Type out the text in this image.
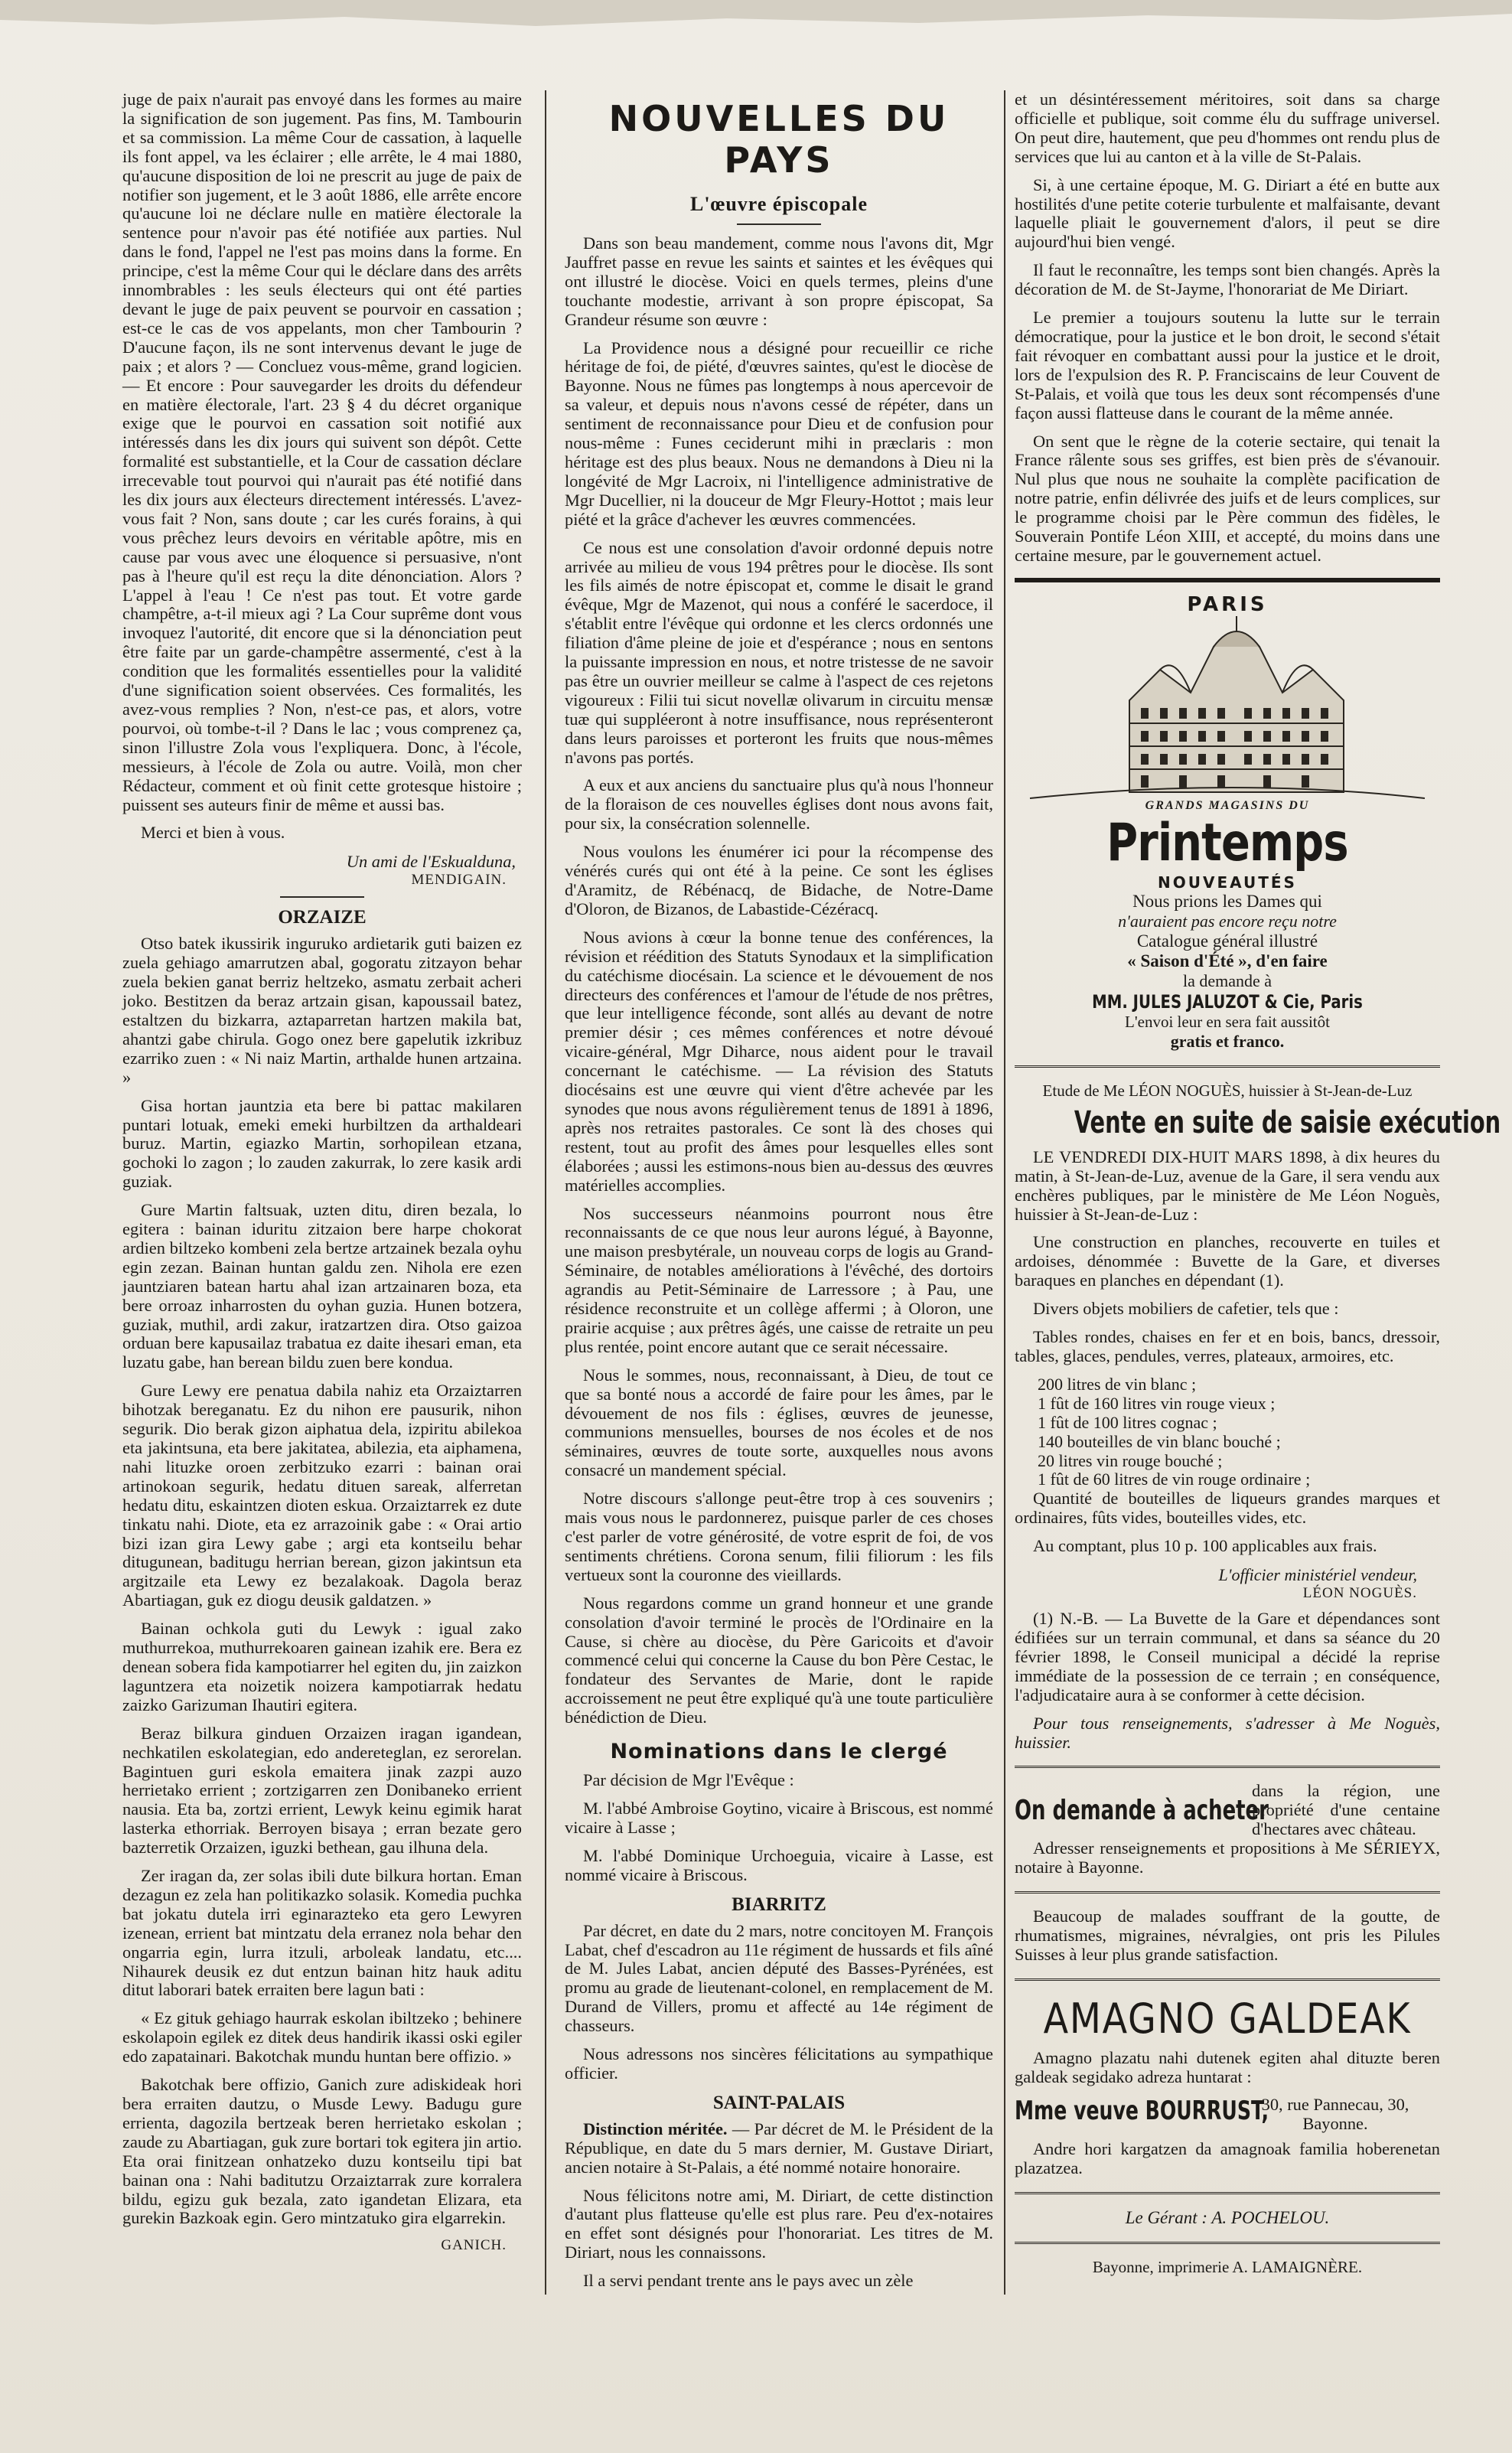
juge de paix n'aurait pas envoyé dans les formes au maire la signification de son jugement. Pas fins, M. Tambourin et sa commission. La même Cour de cassation, à laquelle ils font appel, va les éclairer ; elle arrête, le 4 mai 1880, qu'aucune disposition de loi ne prescrit au juge de paix de notifier son jugement, et le 3 août 1886, elle arrête encore qu'aucune loi ne déclare nulle en matière électorale la sentence pour n'avoir pas été notifiée aux parties. Nul dans le fond, l'appel ne l'est pas moins dans la forme. En principe, c'est la même Cour qui le déclare dans des arrêts innombrables : les seuls électeurs qui ont été parties devant le juge de paix peuvent se pourvoir en cassation ; est-ce le cas de vos appelants, mon cher Tambourin ? D'aucune façon, ils ne sont intervenus devant le juge de paix ; et alors ? — Concluez vous-même, grand logicien. — Et encore : Pour sauvegarder les droits du défendeur en matière électorale, l'art. 23 § 4 du décret organique exige que le pourvoi en cassation soit notifié aux intéressés dans les dix jours qui suivent son dépôt. Cette formalité est substantielle, et la Cour de cassation déclare irrecevable tout pourvoi qui n'aurait pas été notifié dans les dix jours aux électeurs directement intéressés. L'avez-vous fait ? Non, sans doute ; car les curés forains, à qui vous prêchez leurs devoirs en véritable apôtre, mis en cause par vous avec une éloquence si persuasive, n'ont pas à l'heure qu'il est reçu la dite dénonciation. Alors ? L'appel à l'eau ! Ce n'est pas tout. Et votre garde champêtre, a-t-il mieux agi ? La Cour suprême dont vous invoquez l'autorité, dit encore que si la dénonciation peut être faite par un garde-champêtre assermenté, c'est à la condition que les formalités essentielles pour la validité d'une signification soient observées. Ces formalités, les avez-vous remplies ? Non, n'est-ce pas, et alors, votre pourvoi, où tombe-t-il ? Dans le lac ; vous comprenez ça, sinon l'illustre Zola vous l'expliquera. Donc, à l'école, messieurs, à l'école de Zola ou autre. Voilà, mon cher Rédacteur, comment et où finit cette grotesque histoire ; puissent ses auteurs finir de même et aussi bas.

Merci et bien à vous.

Un ami de l'Eskualduna,
MENDIGAIN.
ORZAIZE

Otso batek ikussirik inguruko ardietarik guti baizen ez zuela gehiago amarrutzen abal, gogoratu zitzayon behar zuela bekien ganat berriz heltzeko, asmatu zerbait acheri joko. Bestitzen da beraz artzain gisan, kapoussail batez, estaltzen du bizkarra, aztaparretan hartzen makila bat, ahantzi gabe chirula. Gogo onez bere gapelutik izkribuz ezarriko zuen : « Ni naiz Martin, arthalde hunen artzaina. »

Gisa hortan jauntzia eta bere bi pattac makilaren puntari lotuak, emeki emeki hurbiltzen da arthaldeari buruz. Martin, egiazko Martin, sorhopilean etzana, gochoki lo zagon ; lo zauden zakurrak, lo zere kasik ardi guziak.

Gure Martin faltsuak, uzten ditu, diren bezala, lo egitera : bainan iduritu zitzaion bere harpe chokorat ardien biltzeko kombeni zela bertze artzainek bezala oyhu egin zezan. Bainan huntan galdu zen. Nihola ere ezen jauntziaren batean hartu ahal izan artzainaren boza, eta bere orroaz inharrosten du oyhan guzia. Hunen botzera, guziak, muthil, ardi zakur, iratzartzen dira. Otso gaizoa orduan bere kapusailaz trabatua ez daite ihesari eman, eta luzatu gabe, han berean bildu zuen bere kondua.

Gure Lewy ere penatua dabila nahiz eta Orzaiztarren bihotzak bereganatu. Ez du nihon ere pausurik, nihon segurik. Dio berak gizon aiphatua dela, izpiritu abilekoa eta jakintsuna, eta bere jakitatea, abilezia, eta aiphamena, nahi lituzke oroen zerbitzuko ezarri : bainan orai artinokoan segurik, hedatu dituen sareak, alferretan hedatu ditu, eskaintzen dioten eskua. Orzaiztarrek ez dute tinkatu nahi. Diote, eta ez arrazoinik gabe : « Orai artio bizi izan gira Lewy gabe ; argi eta kontseilu behar ditugunean, baditugu herrian berean, gizon jakintsun eta argitzaile eta Lewy ez bezalakoak. Dagola beraz Abartiagan, guk ez diogu deusik galdatzen. »

Bainan ochkola guti du Lewyk : igual zako muthurrekoa, muthurrekoaren gainean izahik ere. Bera ez denean sobera fida kampotiarrer hel egiten du, jin zaizkon laguntzera eta noizetik noizera kampotiarrak hedatu zaizko Garizuman Ihautiri egitera.

Beraz bilkura ginduen Orzaizen iragan igandean, nechkatilen eskolategian, edo andereteglan, ez serorelan. Bagintuen guri eskola emaitera jinak zazpi auzo herrietako errient ; zortzigarren zen Donibaneko errient nausia. Eta ba, zortzi errient, Lewyk keinu egimik harat lasterka ethorriak. Berroyen bisaya ; erran bezate gero bazterretik Orzaizen, iguzki bethean, gau ilhuna dela.

Zer iragan da, zer solas ibili dute bilkura hortan. Eman dezagun ez zela han politikazko solasik. Komedia puchka bat jokatu dutela irri eginarazteko eta gero Lewyren izenean, errient bat mintzatu dela erranez nola behar den ongarria egin, lurra itzuli, arboleak landatu, etc.... Nihaurek deusik ez dut entzun bainan hitz hauk aditu ditut laborari batek erraiten bere lagun bati :

« Ez gituk gehiago haurrak eskolan ibiltzeko ; behinere eskolapoin egilek ez ditek deus handirik ikassi oski egiler edo zapatainari. Bakotchak mundu huntan bere offizio. »

Bakotchak bere offizio, Ganich zure adiskideak hori bera erraiten dautzu, o Musde Lewy. Badugu gure errienta, dagozila bertzeak beren herrietako eskolan ; zaude zu Abartiagan, guk zure bortari tok egitera jin artio. Eta orai finitzean onhatzeko duzu kontseilu tipi bat bainan ona : Nahi baditutzu Orzaiztarrak zure korralera bildu, egizu guk bezala, zato igandetan Elizara, eta gurekin Bazkoak egin. Gero mintzatuko gira elgarrekin.

GANICH.
NOUVELLES DU PAYS
L'œuvre épiscopale

Dans son beau mandement, comme nous l'avons dit, Mgr Jauffret passe en revue les saints et saintes et les évêques qui ont illustré le diocèse. Voici en quels termes, pleins d'une touchante modestie, arrivant à son propre épiscopat, Sa Grandeur résume son œuvre :

La Providence nous a désigné pour recueillir ce riche héritage de foi, de piété, d'œuvres saintes, qu'est le diocèse de Bayonne. Nous ne fûmes pas longtemps à nous apercevoir de sa valeur, et depuis nous n'avons cessé de répéter, dans un sentiment de reconnaissance pour Dieu et de confusion pour nous-même : Funes ceciderunt mihi in præclaris : mon héritage est des plus beaux. Nous ne demandons à Dieu ni la longévité de Mgr Lacroix, ni l'intelligence administrative de Mgr Ducellier, ni la douceur de Mgr Fleury-Hottot ; mais leur piété et la grâce d'achever les œuvres commencées.

Ce nous est une consolation d'avoir ordonné depuis notre arrivée au milieu de vous 194 prêtres pour le diocèse. Ils sont les fils aimés de notre épiscopat et, comme le disait le grand évêque, Mgr de Mazenot, qui nous a conféré le sacerdoce, il s'établit entre l'évêque qui ordonne et les clercs ordonnés une filiation d'âme pleine de joie et d'espérance ; nous en sentons la puissante impression en nous, et notre tristesse de ne savoir pas être un ouvrier meilleur se calme à l'aspect de ces rejetons vigoureux : Filii tui sicut novellæ olivarum in circuitu mensæ tuæ qui suppléeront à notre insuffisance, nous représenteront dans leurs paroisses et porteront les fruits que nous-mêmes n'avons pas portés.

A eux et aux anciens du sanctuaire plus qu'à nous l'honneur de la floraison de ces nouvelles églises dont nous avons fait, pour six, la consécration solennelle.

Nous voulons les énumérer ici pour la récompense des vénérés curés qui ont été à la peine. Ce sont les églises d'Aramitz, de Rébénacq, de Bidache, de Notre-Dame d'Oloron, de Bizanos, de Labastide-Cézéracq.

Nous avions à cœur la bonne tenue des conférences, la révision et réédition des Statuts Synodaux et la simplification du catéchisme diocésain. La science et le dévouement de nos directeurs des conférences et l'amour de l'étude de nos prêtres, que leur intelligence féconde, sont allés au devant de notre premier désir ; ces mêmes conférences et notre dévoué vicaire-général, Mgr Diharce, nous aident pour le travail concernant le catéchisme. — La révision des Statuts diocésains est une œuvre qui vient d'être achevée par les synodes que nous avons régulièrement tenus de 1891 à 1896, après nos retraites pastorales. Ce sont là des choses qui restent, tout au profit des âmes pour lesquelles elles sont élaborées ; aussi les estimons-nous bien au-dessus des œuvres matérielles accomplies.

Nos successeurs néanmoins pourront nous être reconnaissants de ce que nous leur aurons légué, à Bayonne, une maison presbytérale, un nouveau corps de logis au Grand-Séminaire, de notables améliorations à l'évêché, des dortoirs agrandis au Petit-Séminaire de Larressore ; à Pau, une résidence reconstruite et un collège affermi ; à Oloron, une prairie acquise ; aux prêtres âgés, une caisse de retraite un peu plus rentée, point encore autant que ce serait nécessaire.

Nous le sommes, nous, reconnaissant, à Dieu, de tout ce que sa bonté nous a accordé de faire pour les âmes, par le dévouement de nos fils : églises, œuvres de jeunesse, communions mensuelles, bourses de nos écoles et de nos séminaires, œuvres de toute sorte, auxquelles nous avons consacré un mandement spécial.

Notre discours s'allonge peut-être trop à ces souvenirs ; mais vous nous le pardonnerez, puisque parler de ces choses c'est parler de votre générosité, de votre esprit de foi, de vos sentiments chrétiens. Corona senum, filii filiorum : les fils vertueux sont la couronne des vieillards.

Nous regardons comme un grand honneur et une grande consolation d'avoir terminé le procès de l'Ordinaire en la Cause, si chère au diocèse, du Père Garicoits et d'avoir commencé celui qui concerne la Cause du bon Père Cestac, le fondateur des Servantes de Marie, dont le rapide accroissement ne peut être expliqué qu'à une toute particulière bénédiction de Dieu.

Nominations dans le clergé

Par décision de Mgr l'Evêque :

M. l'abbé Ambroise Goytino, vicaire à Briscous, est nommé vicaire à Lasse ;

M. l'abbé Dominique Urchoeguia, vicaire à Lasse, est nommé vicaire à Briscous.

BIARRITZ

Par décret, en date du 2 mars, notre concitoyen M. François Labat, chef d'escadron au 11e régiment de hussards et fils aîné de M. Jules Labat, ancien député des Basses-Pyrénées, est promu au grade de lieutenant-colonel, en remplacement de M. Durand de Villers, promu et affecté au 14e régiment de chasseurs.

Nous adressons nos sincères félicitations au sympathique officier.

SAINT-PALAIS

Distinction méritée. — Par décret de M. le Président de la République, en date du 5 mars dernier, M. Gustave Diriart, ancien notaire à St-Palais, a été nommé notaire honoraire.

Nous félicitons notre ami, M. Diriart, de cette distinction d'autant plus flatteuse qu'elle est plus rare. Peu d'ex-notaires en effet sont désignés pour l'honorariat. Les titres de M. Diriart, nous les connaissons.

Il a servi pendant trente ans le pays avec un zèle

et un désintéressement méritoires, soit dans sa charge officielle et publique, soit comme élu du suffrage universel. On peut dire, hautement, que peu d'hommes ont rendu plus de services que lui au canton et à la ville de St-Palais.

Si, à une certaine époque, M. G. Diriart a été en butte aux hostilités d'une petite coterie turbulente et malfaisante, devant laquelle pliait le gouvernement d'alors, il peut se dire aujourd'hui bien vengé.

Il faut le reconnaître, les temps sont bien changés. Après la décoration de M. de St-Jayme, l'honorariat de Me Diriart.

Le premier a toujours soutenu la lutte sur le terrain démocratique, pour la justice et le bon droit, le second s'était fait révoquer en combattant aussi pour la justice et le droit, lors de l'expulsion des R. P. Franciscains de leur Couvent de St-Palais, et voilà que tous les deux sont récompensés d'une façon aussi flatteuse dans le courant de la même année.

On sent que le règne de la coterie sectaire, qui tenait la France râlente sous ses griffes, est bien près de s'évanouir. Nul plus que nous ne souhaite la complète pacification de notre patrie, enfin délivrée des juifs et de leurs complices, sur le programme choisi par le Père commun des fidèles, le Souverain Pontife Léon XIII, et accepté, du moins dans une certaine mesure, par le gouvernement actuel.

PARIS
GRANDS MAGASINS DU
Printemps
NOUVEAUTÉS
Nous prions les Dames qui
n'auraient pas encore reçu notre
Catalogue général illustré
« Saison d'Été », d'en faire
la demande à
MM. JULES JALUZOT & Cie, Paris
L'envoi leur en sera fait aussitôt
gratis et franco.
Etude de Me LÉON NOGUÈS, huissier à St-Jean-de-Luz
Vente en suite de saisie exécution

LE VENDREDI DIX-HUIT MARS 1898, à dix heures du matin, à St-Jean-de-Luz, avenue de la Gare, il sera vendu aux enchères publiques, par le ministère de Me Léon Noguès, huissier à St-Jean-de-Luz :

Une construction en planches, recouverte en tuiles et ardoises, dénommée : Buvette de la Gare, et diverses baraques en planches en dépendant (1).

Divers objets mobiliers de cafetier, tels que :

Tables rondes, chaises en fer et en bois, bancs, dressoir, tables, glaces, pendules, verres, plateaux, armoires, etc.

200 litres de vin blanc ;
1 fût de 160 litres vin rouge vieux ;
1 fût de 100 litres cognac ;
140 bouteilles de vin blanc bouché ;
20 litres vin rouge bouché ;
1 fût de 60 litres de vin rouge ordinaire ;

Quantité de bouteilles de liqueurs grandes marques et ordinaires, fûts vides, bouteilles vides, etc.

Au comptant, plus 10 p. 100 applicables aux frais.

L'officier ministériel vendeur,
LÉON NOGUÈS.

(1) N.-B. — La Buvette de la Gare et dépendances sont édifiées sur un terrain communal, et dans sa séance du 20 février 1898, le Conseil municipal a décidé la reprise immédiate de la possession de ce terrain ; en conséquence, l'adjudicataire aura à se conformer à cette décision.

Pour tous renseignements, s'adresser à Me Noguès, huissier.

On demande à acheter
dans la région, une propriété d'une centaine d'hectares avec château.

Adresser renseignements et propositions à Me SÉRIEYX, notaire à Bayonne.

Beaucoup de malades souffrant de la goutte, de rhumatismes, migraines, névralgies, ont pris les Pilules Suisses à leur plus grande satisfaction.

AMAGNO GALDEAK

Amagno plazatu nahi dutenek egiten ahal dituzte beren galdeak segidako adreza huntarat :

Mme veuve BOURRUST,
30, rue Pannecau, 30, Bayonne.

Andre hori kargatzen da amagnoak familia hoberenetan plazatzea.

Le Gérant : A. POCHELOU.
Bayonne, imprimerie A. LAMAIGNÈRE.
